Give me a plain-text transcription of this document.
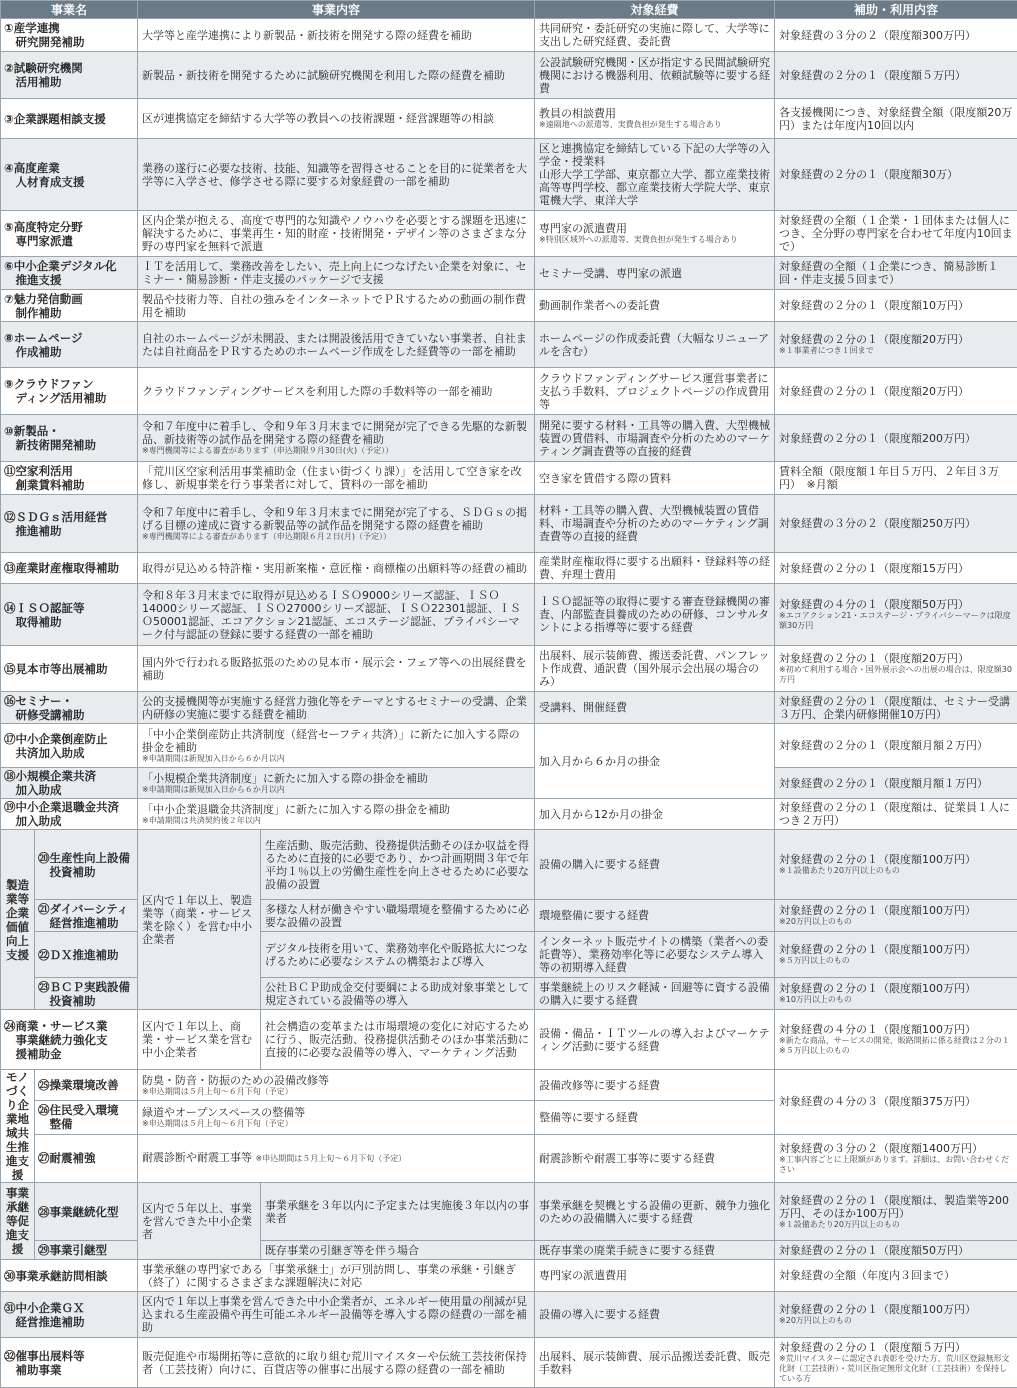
事業名		事業内容		対象経費	補助・利用内容
①産学連携
　研究開発補助		大学等と産学連携により新製品・新技術を開発する際の経費を補助		共同研究・委託研究の実施に際して、大学等に支出した研究経費、委託費	対象経費の３分の２（限度額300万円）
②試験研究機関
　活用補助		新製品・新技術を開発するために試験研究機関を利用した際の経費を補助		公設試験研究機関・区が指定する民間試験研究機関における機器利用、依頼試験等に要する経費	対象経費の２分の１（限度額５万円）
③企業課題相談支援		区が連携協定を締結する大学等の教員への技術課題・経営課題等の相談		教員の相談費用
※遠隔地への派遣等、実費負担が発生する場合あり	各支援機関につき、対象経費全額（限度額20万円）または年度内10回以内
④高度産業
　人材育成支援		業務の遂行に必要な技術、技能、知識等を習得させることを目的に従業者を大学等に入学させ、修学させる際に要する対象経費の一部を補助		区と連携協定を締結している下記の大学等の入学金・授業料
山形大学工学部、東京都立大学、都立産業技術高等専門学校、都立産業技術大学院大学、東京電機大学、東洋大学	対象経費の２分の１（限度額30万）
⑤高度特定分野
　専門家派遣		区内企業が抱える、高度で専門的な知識やノウハウを必要とする課題を迅速に解決するために、事業再生・知的財産・技術開発・デザイン等のさまざまな分野の専門家を無料で派遣		専門家の派遣費用
※特別区域外への派遣等、実費負担が発生する場合あり	対象経費の全額（１企業・１団体または個人につき、全分野の専門家を合わせて年度内10回まで）
⑥中小企業デジタル化
　推進支援		ＩＴを活用して、業務改善をしたい、売上向上につなげたい企業を対象に、セミナー・簡易診断・伴走支援のパッケージで支援		セミナー受講、専門家の派遣	対象経費の全額（１企業につき、簡易診断１回・伴走支援５回まで）
⑦魅力発信動画
　制作補助		製品や技術力等、自社の強みをインターネットでＰＲするための動画の制作費用を補助		動画制作業者への委託費	対象経費の２分の１（限度額10万円）
⑧ホームページ
　作成補助		自社のホームページが未開設、または開設後活用できていない事業者、自社または自社商品をＰＲするためのホームページ作成をした経費等の一部を補助		ホームページの作成委託費（大幅なリニューアルを含む）	対象経費の２分の１（限度額20万円）
※１事業者につき１回まで

⑨クラウドファン
　ディング活用補助		クラウドファンディングサービスを利用した際の手数料等の一部を補助		クラウドファンディングサービス運営事業者に支払う手数料、プロジェクトページの作成費用等	対象経費の２分の１（限度額20万円）
⑩新製品・
　新技術開発補助		令和７年度中に着手し、令和９年３月末までに開発が完了できる先駆的な新製品、新技術等の試作品を開発する際の経費を補助
※専門機関等による審査があります（申込期限９月30日(火)（予定））		開発に要する材料・工具等の購入費、大型機械装置の賃借料、市場調査や分析のためのマーケティング調査費等の直接的経費	対象経費の２分の１（限度額200万円）
⑪空家利活用
　創業賃料補助		「荒川区空家利活用事業補助金（住まい街づくり課）」を活用して空き家を改修し、新規事業を行う事業者に対して、賃料の一部を補助		空き家を賃借する際の賃料	賃料全額（限度額１年目５万円、２年目３万円）　※月額
⑫ＳＤＧｓ活用経営
　推進補助		令和７年度中に着手し、令和９年３月末までに開発が完了する、ＳＤＧｓの掲げる目標の達成に資する新製品等の試作品を開発する際の経費を補助
※専門機関等による審査があります（申込期限６月２日(月)（予定））		材料・工具等の購入費、大型機械装置の賃借料、市場調査や分析のためのマーケティング調査費等の直接的経費	対象経費の３分の２（限度額250万円）
⑬産業財産権取得補助		取得が見込める特許権・実用新案権・意匠権・商標権の出願料等の経費の補助		産業財産権取得に要する出願料・登録料等の経費、弁理士費用	対象経費の２分の１（限度額15万円）
⑭ＩＳＯ認証等
　取得補助		令和８年３月末までに取得が見込めるＩＳＯ9000シリーズ認証、ＩＳＯ14000シリーズ認証、ＩＳＯ27000シリーズ認証、ＩＳＯ22301認証、ＩＳＯ50001認証、エコアクション21認証、エコステージ認証、プライバシーマーク付与認証の登録に要する経費の一部を補助		ＩＳＯ認証等の取得に要する審査登録機関の審査、内部監査員養成のための研修、コンサルタントによる指導等に要する経費	対象経費の４分の１（限度額50万円）
※エコアクション21・エコステージ・プライバシーマークは限度額30万円

⑮見本市等出展補助		国内外で行われる販路拡張のための見本市・展示会・フェア等への出展経費を補助		出展料、展示装飾費、搬送委託費、パンフレット作成費、通訳費（国外展示会出展の場合のみ）	対象経費の２分の１（限度額20万円）
※初めて利用する場合・国外展示会への出展の場合は、限度額30万円

⑯セミナー・
　研修受講補助		公的支援機関等が実施する経営力強化等をテーマとするセミナーの受講、企業内研修の実施に要する経費を補助		受講料、開催経費	対象経費の２分の１（限度額は、セミナー受講３万円、企業内研修開催10万円）
⑰中小企業倒産防止
　共済加入助成		「中小企業倒産防止共済制度（経営セーフティ共済）」に新たに加入する際の掛金を補助
※申請期間は新規加入日から６か月以内		加入月から６か月の掛金	対象経費の２分の１（限度額月額２万円）
⑱小規模企業共済
　加入助成		「小規模企業共済制度」に新たに加入する際の掛金を補助
※申請期間は新規加入日から６か月以内			対象経費の２分の１（限度額月額１万円）
⑲中小企業退職金共済
　加入助成		「中小企業退職金共済制度」に新たに加入する際の掛金を補助
※申請期間は共済契約後２年以内		加入月から12か月の掛金	対象経費の２分の１（限度額は、従業員１人につき２万円）
製造業等企業価値向上支援	⑳生産性向上設備
　投資補助	区内で１年以上、製造業等（商業・サービス業を除く）を営む中小企業者	生産活動、販売活動、役務提供活動そのほか収益を得るために直接的に必要であり、かつ計画期間３年で年平均１％以上の労働生産性を向上させるために必要な設備の設置	設備の購入に要する経費	対象経費の２分の１（限度額100万円）
※１設備あたり20万円以上のもの

	㉑ダイバーシティ
　経営推進補助		多様な人材が働きやすい職場環境を整備するために必要な設備の設置	環境整備に要する経費	対象経費の２分の１（限度額100万円）
※20万円以上のもの

	㉒ＤＸ推進補助		デジタル技術を用いて、業務効率化や販路拡大につなげるために必要なシステムの構築および導入	インターネット販売サイトの構築（業者への委託費等）、業務効率化等に必要なシステム導入等の初期導入経費	対象経費の２分の１（限度額100万円）
※５万円以上のもの

	㉓ＢＣＰ実践設備
　投資補助		公社ＢＣＰ助成金交付要綱による助成対象事業として規定されている設備等の導入	事業継続上のリスク軽減・回避等に資する設備の購入に要する経費	対象経費の２分の１（限度額100万円）
※10万円以上のもの

㉔商業・サービス業
　事業継続力強化支
　援補助金		区内で１年以上、商業・サービス業を営む中小企業者	社会構造の変革または市場環境の変化に対応するために行う、販売活動、役務提供活動そのほか事業活動に直接的に必要な設備等の導入、マーケティング活動	設備・備品・ＩＴツールの導入およびマーケティング活動に要する経費	対象経費の４分の１（限度額100万円）
※新たな商品、サービスの開発、販路開拓に係る経費は２分の１
※５万円以上のもの

モノづくり企業地域共生推進支援	㉕操業環境改善	防臭・防音・防振のための設備改修等
※申込期間は５月上旬〜６月下旬（予定）		設備改修等に要する経費	対象経費の４分の３（限度額375万円）
	㉖住民受入環境
　整備	緑道やオープンスペースの整備等
※申込期間は５月上旬〜６月下旬（予定）		整備等に要する経費	
	㉗耐震補強	耐震診断や耐震工事等 ※申込期間は５月上旬〜６月下旬（予定）		耐震診断や耐震工事等に要する経費	対象経費の３分の２（限度額1400万円）
※工事内容ごとに上限額があります。詳細は、お問い合わせください

事業承継等促進支援	㉘事業継続化型	区内で５年以上、事業を営んできた中小企業者	事業承継を３年以内に予定または実施後３年以内の事業者	事業承継を契機とする設備の更新、競争力強化のための設備購入に要する経費	対象経費の２分の１（限度額は、製造業等200万円、そのほか100万円）
※１設備あたり20万円以上のもの

	㉙事業引継型		既存事業の引継ぎ等を伴う場合	既存事業の廃業手続きに要する経費	対象経費の２分の１（限度額50万円）
㉚事業承継訪問相談		事業承継の専門家である「事業承継士」が戸別訪問し、事業の承継・引継ぎ（終了）に関するさまざまな課題解決に対応		専門家の派遣費用	対象経費の全額（年度内３回まで）
㉛中小企業ＧＸ
　経営推進補助		区内で１年以上事業を営んできた中小企業者が、エネルギー使用量の削減が見込まれる生産設備や再生可能エネルギー設備等を導入する際の経費の一部を補助		設備の導入に要する経費	対象経費の２分の１（限度額100万円）
※20万円以上のもの

㉜催事出展料等
　補助事業		販売促進や市場開拓等に意欲的に取り組む荒川マイスターや伝統工芸技術保持者（工芸技術）向けに、百貨店等の催事に出展する際の経費の一部を補助		出展料、展示装飾費、展示品搬送委託費、販売手数料	対象経費の２分の１（限度額５万円）
※荒川マイスターに認定され表彰を受けた方、荒川区登録無形文化財（工芸技術）・荒川区指定無形文化財（工芸技術）を保持している方
